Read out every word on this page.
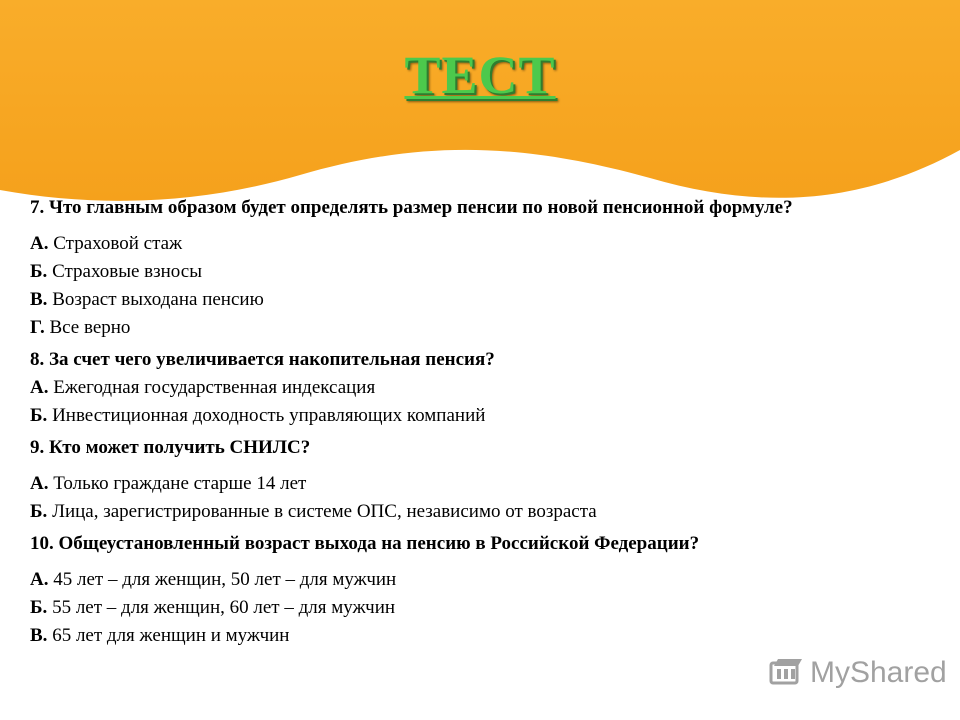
ТЕСТ
7. Что главным образом будет определять размер пенсии по новой пенсионной формуле?
А. Страховой стаж
Б. Страховые взносы
В. Возраст выходана пенсию
Г. Все верно
8. За счет чего увеличивается накопительная пенсия?
А. Ежегодная государственная индексация
Б. Инвестиционная доходность управляющих компаний
9. Кто может получить СНИЛС?
А. Только граждане старше 14 лет
Б. Лица, зарегистрированные в системе ОПС, независимо от возраста
10. Общеустановленный возраст выхода на пенсию в Российской Федерации?
А. 45 лет – для женщин, 50 лет – для мужчин
Б. 55 лет – для женщин, 60 лет – для мужчин
В. 65 лет для женщин и мужчин
MyShared
